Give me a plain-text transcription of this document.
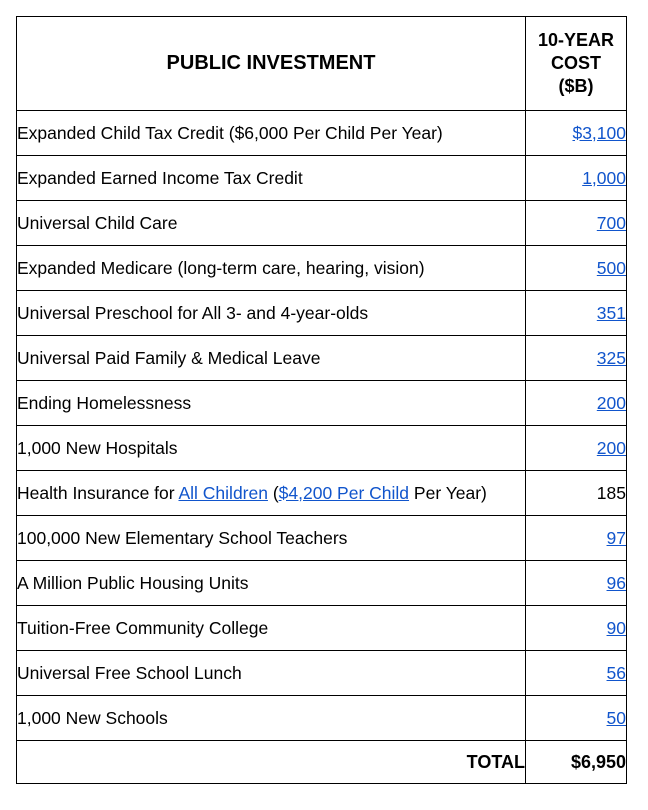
PUBLIC INVESTMENT	10-YEAR
COST
($B)

Expanded Child Tax Credit ($6,000 Per Child Per Year)	$3,100
Expanded Earned Income Tax Credit	1,000
Universal Child Care	700
Expanded Medicare (long-term care, hearing, vision)	500
Universal Preschool for All 3- and 4-year-olds	351
Universal Paid Family & Medical Leave	325
Ending Homelessness	200
1,000 New Hospitals	200
Health Insurance for All Children ($4,200 Per Child Per Year)	185
100,000 New Elementary School Teachers	97
A Million Public Housing Units	96
Tuition-Free Community College	90
Universal Free School Lunch	56
1,000 New Schools	50
TOTAL	$6,950
